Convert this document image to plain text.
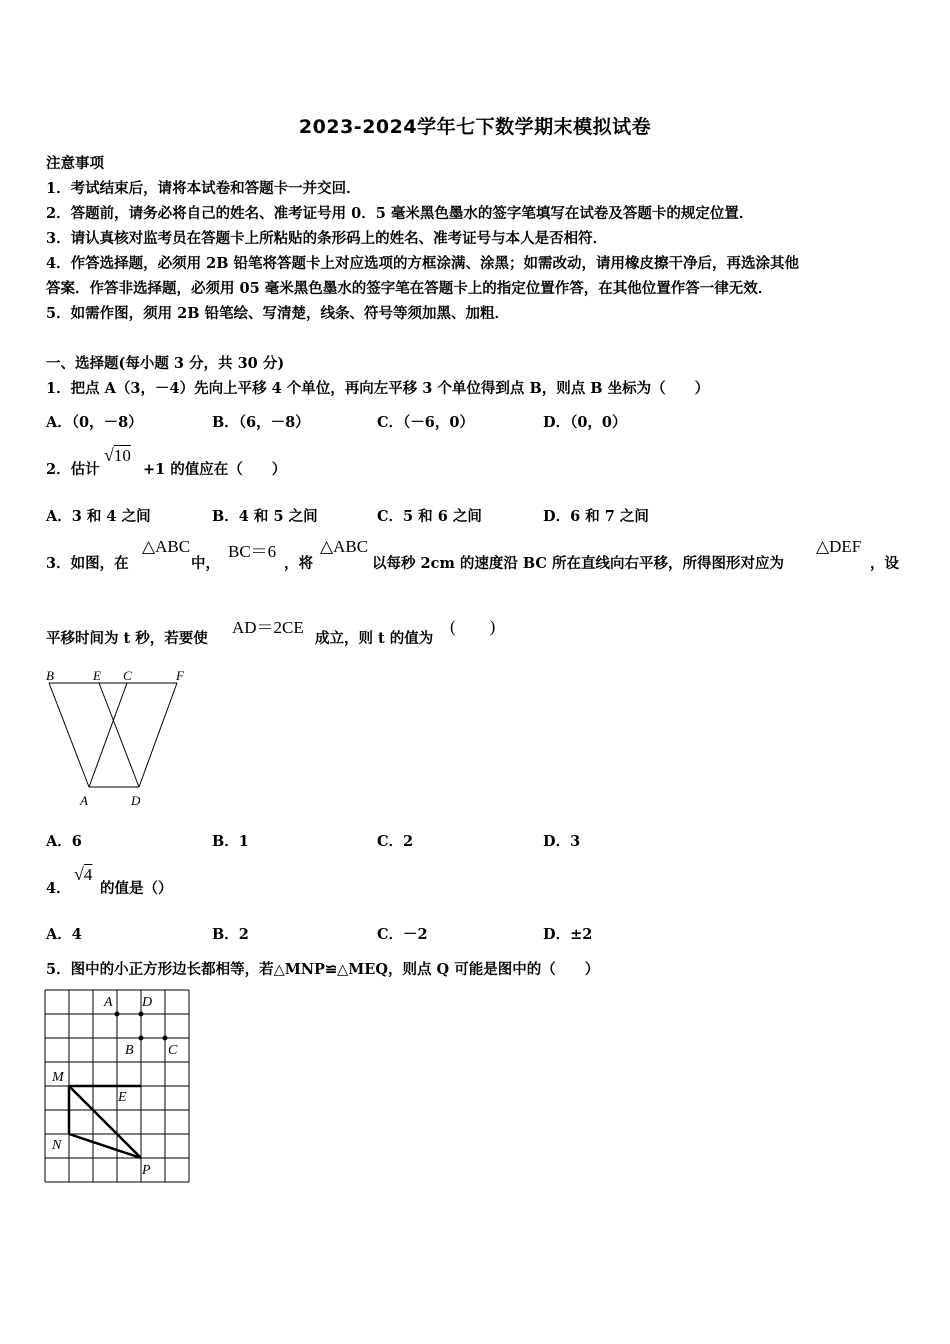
2023-2024学年七下数学期末模拟试卷
注意事项
1．考试结束后，请将本试卷和答题卡一并交回．
2．答题前，请务必将自己的姓名、准考证号用 0．5 毫米黑色墨水的签字笔填写在试卷及答题卡的规定位置．
3．请认真核对监考员在答题卡上所粘贴的条形码上的姓名、准考证号与本人是否相符．
4．作答选择题，必须用 2B 铅笔将答题卡上对应选项的方框涂满、涂黑；如需改动，请用橡皮擦干净后，再选涂其他
答案．作答非选择题，必须用 05 毫米黑色墨水的签字笔在答题卡上的指定位置作答，在其他位置作答一律无效．
5．如需作图，须用 2B 铅笔绘、写清楚，线条、符号等须加黑、加粗．
一、选择题(每小题 3 分，共 30 分)
1．把点 A（3，－4）先向上平移 4 个单位，再向左平移 3 个单位得到点 B，则点 B 坐标为（　　）
A．（0，－8）	B．（6，－8）	C．（－6，0）	D．（0，0）
2．估计
√10
+1 的值应在（　　）
A．3 和 4 之间	B．4 和 5 之间	C．5 和 6 之间	D．6 和 7 之间
3．如图，在
△ABC
中，
BC＝6
，将
△ABC
以每秒 2cm 的速度沿 BC 所在直线向右平移，所得图形对应为
△DEF
，设
平移时间为 t 秒，若要使
AD＝2CE
成立，则 t 的值为
(　　)
B	E C	F
A	D
A．6	B．1	C．2	D．3
4．
√4
的值是（）
A．4	B．2	C．－2	D．±2
5．图中的小正方形边长都相等，若△MNP≌△MEQ，则点 Q 可能是图中的（　　）
A D
B C
M
E
N
P
